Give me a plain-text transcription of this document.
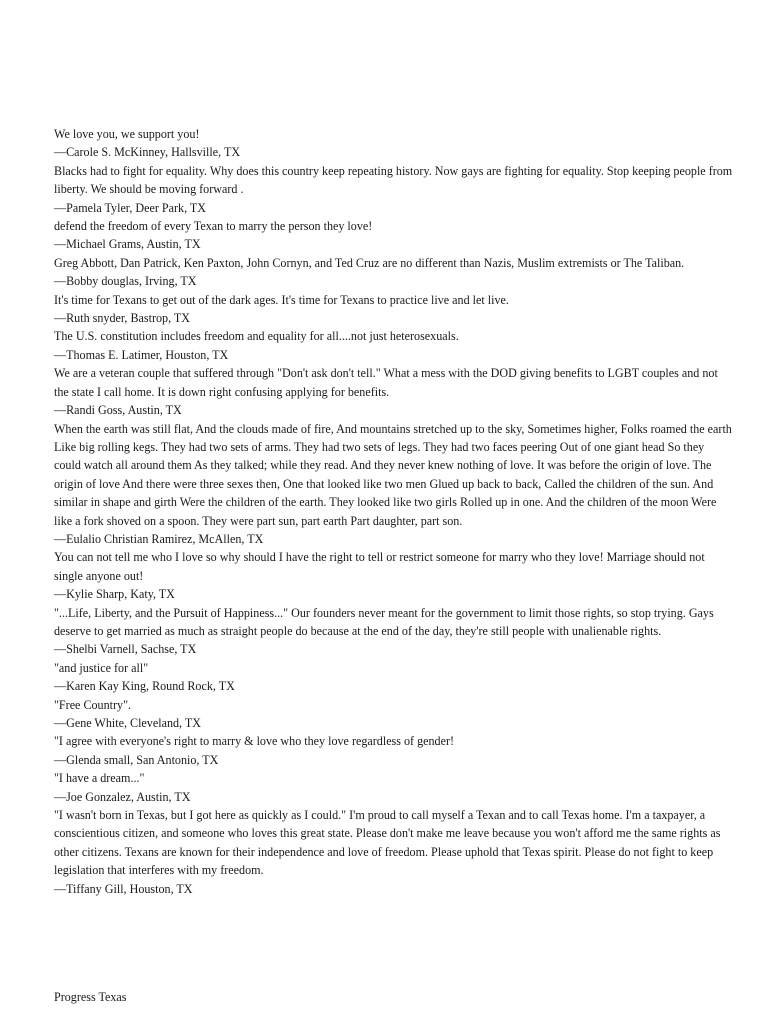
We love you, we support you!

—Carole S. McKinney, Hallsville, TX

Blacks had to fight for equality. Why does this country keep repeating history. Now gays are fighting for equality. Stop keeping people from liberty. We should be moving forward .

—Pamela Tyler, Deer Park, TX

defend the freedom of every Texan to marry the person they love!

—Michael Grams, Austin, TX

Greg Abbott, Dan Patrick, Ken Paxton, John Cornyn, and Ted Cruz are no different than Nazis, Muslim extremists or The Taliban.

—Bobby douglas, Irving, TX

It's time for Texans to get out of the dark ages. It's time for Texans to practice live and let live.

—Ruth snyder, Bastrop, TX

The U.S. constitution includes freedom and equality for all....not just heterosexuals.

—Thomas E. Latimer, Houston, TX

We are a veteran couple that suffered through "Don't ask don't tell." What a mess with the DOD giving benefits to LGBT couples and not the state I call home. It is down right confusing applying for benefits.

—Randi Goss, Austin, TX

When the earth was still flat, And the clouds made of fire, And mountains stretched up to the sky, Sometimes higher, Folks roamed the earth Like big rolling kegs. They had two sets of arms. They had two sets of legs. They had two faces peering Out of one giant head So they could watch all around them As they talked; while they read. And they never knew nothing of love. It was before the origin of love. The origin of love And there were three sexes then, One that looked like two men Glued up back to back, Called the children of the sun. And similar in shape and girth Were the children of the earth. They looked like two girls Rolled up in one. And the children of the moon Were like a fork shoved on a spoon. They were part sun, part earth Part daughter, part son.

—Eulalio Christian Ramirez, McAllen, TX

You can not tell me who I love so why should I have the right to tell or restrict someone for marry who they love! Marriage should not single anyone out!

—Kylie Sharp, Katy, TX

"...Life, Liberty, and the Pursuit of Happiness..." Our founders never meant for the government to limit those rights, so stop trying. Gays deserve to get married as much as straight people do because at the end of the day, they're still people with unalienable rights.

—Shelbi Varnell, Sachse, TX

"and justice for all"

—Karen Kay King, Round Rock, TX

"Free Country".

—Gene White, Cleveland, TX

"I agree with everyone's right to marry & love who they love regardless of gender!

—Glenda small, San Antonio, TX

"I have a dream..."

—Joe Gonzalez, Austin, TX

"I wasn't born in Texas, but I got here as quickly as I could." I'm proud to call myself a Texan and to call Texas home. I'm a taxpayer, a conscientious citizen, and someone who loves this great state. Please don't make me leave because you won't afford me the same rights as other citizens. Texans are known for their independence and love of freedom. Please uphold that Texas spirit. Please do not fight to keep legislation that interferes with my freedom.

—Tiffany Gill, Houston, TX

Progress Texas
